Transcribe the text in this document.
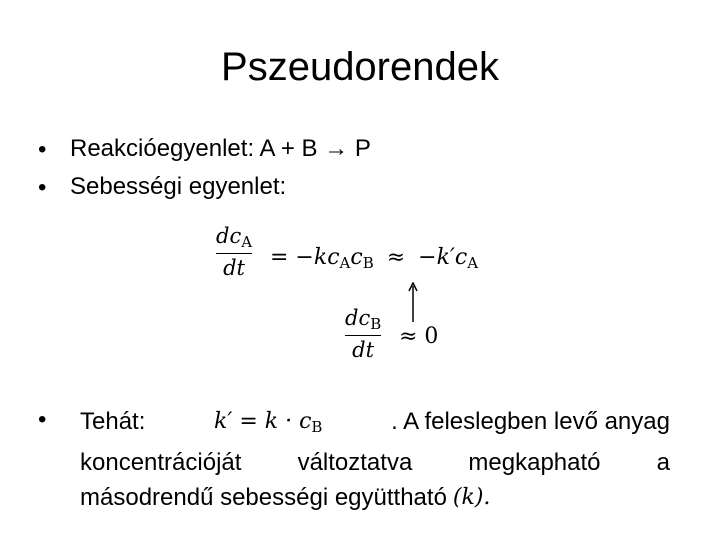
Pszeudorendek
• Reakcióegyenlet: A + B → P
• Sebességi egyenlet:
$dc_A$
dt	= $-kc_Ac_B \approx -k'c_A$
$dc_B$
dt
≈ 0
• Tehát:	$k' = k \cdot c_B$	. A feleslegben levő anyag
koncentrációját változtatva megkapható a
másodrendű sebességi együttható (k).
